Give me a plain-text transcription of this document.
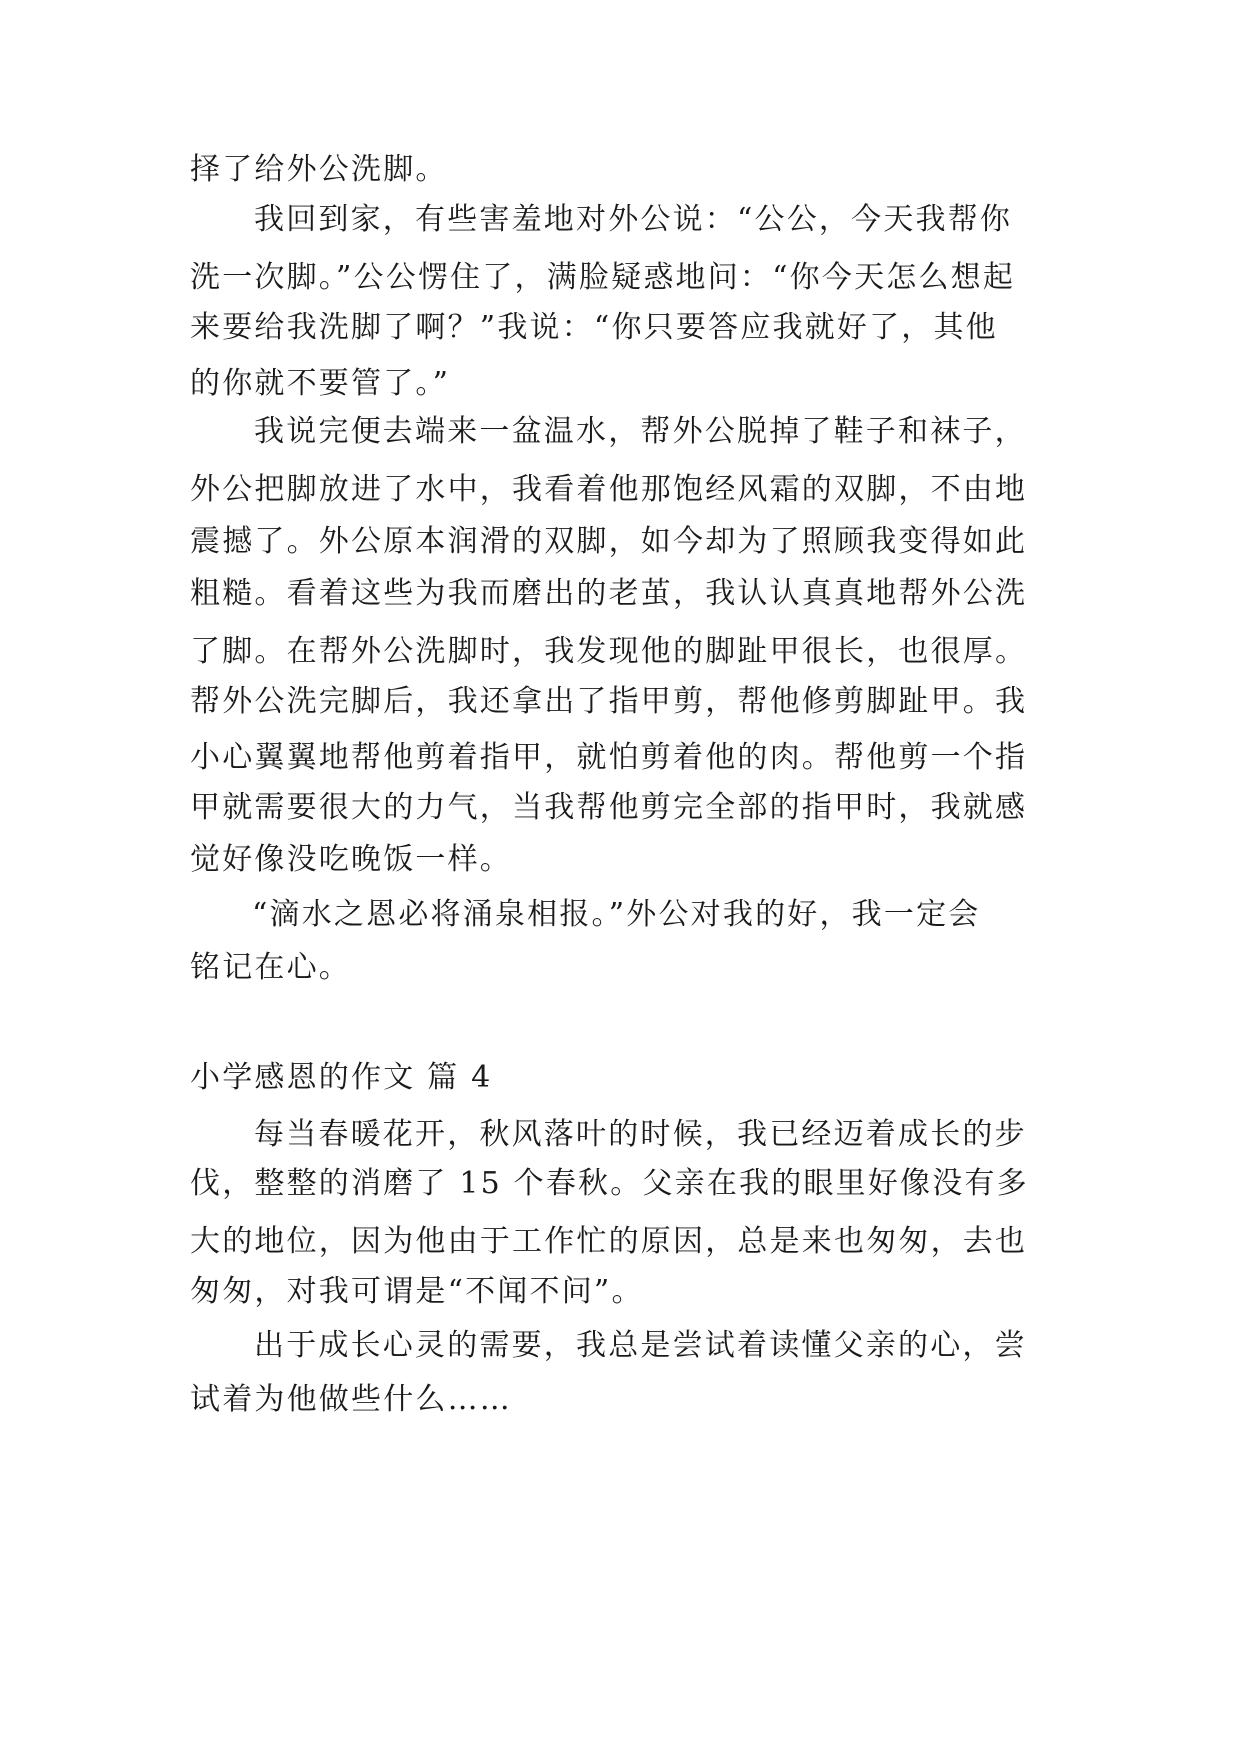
择了给外公洗脚。
我回到家，有些害羞地对外公说：“公公，今天我帮你
洗一次脚。”公公愣住了，满脸疑惑地问：“你今天怎么想起
来要给我洗脚了啊？”我说：“你只要答应我就好了，其他
的你就不要管了。”
我说完便去端来一盆温水，帮外公脱掉了鞋子和袜子，
外公把脚放进了水中，我看着他那饱经风霜的双脚，不由地
震撼了。外公原本润滑的双脚，如今却为了照顾我变得如此
粗糙。看着这些为我而磨出的老茧，我认认真真地帮外公洗
了脚。在帮外公洗脚时，我发现他的脚趾甲很长，也很厚。
帮外公洗完脚后，我还拿出了指甲剪，帮他修剪脚趾甲。我
小心翼翼地帮他剪着指甲，就怕剪着他的肉。帮他剪一个指
甲就需要很大的力气，当我帮他剪完全部的指甲时，我就感
觉好像没吃晚饭一样。
“滴水之恩必将涌泉相报。”外公对我的好，我一定会
铭记在心。
小学感恩的作文 篇 4
每当春暖花开，秋风落叶的时候，我已经迈着成长的步
伐，整整的消磨了 15 个春秋。父亲在我的眼里好像没有多
大的地位，因为他由于工作忙的原因，总是来也匆匆，去也
匆匆，对我可谓是“不闻不问”。
出于成长心灵的需要，我总是尝试着读懂父亲的心，尝
试着为他做些什么……
